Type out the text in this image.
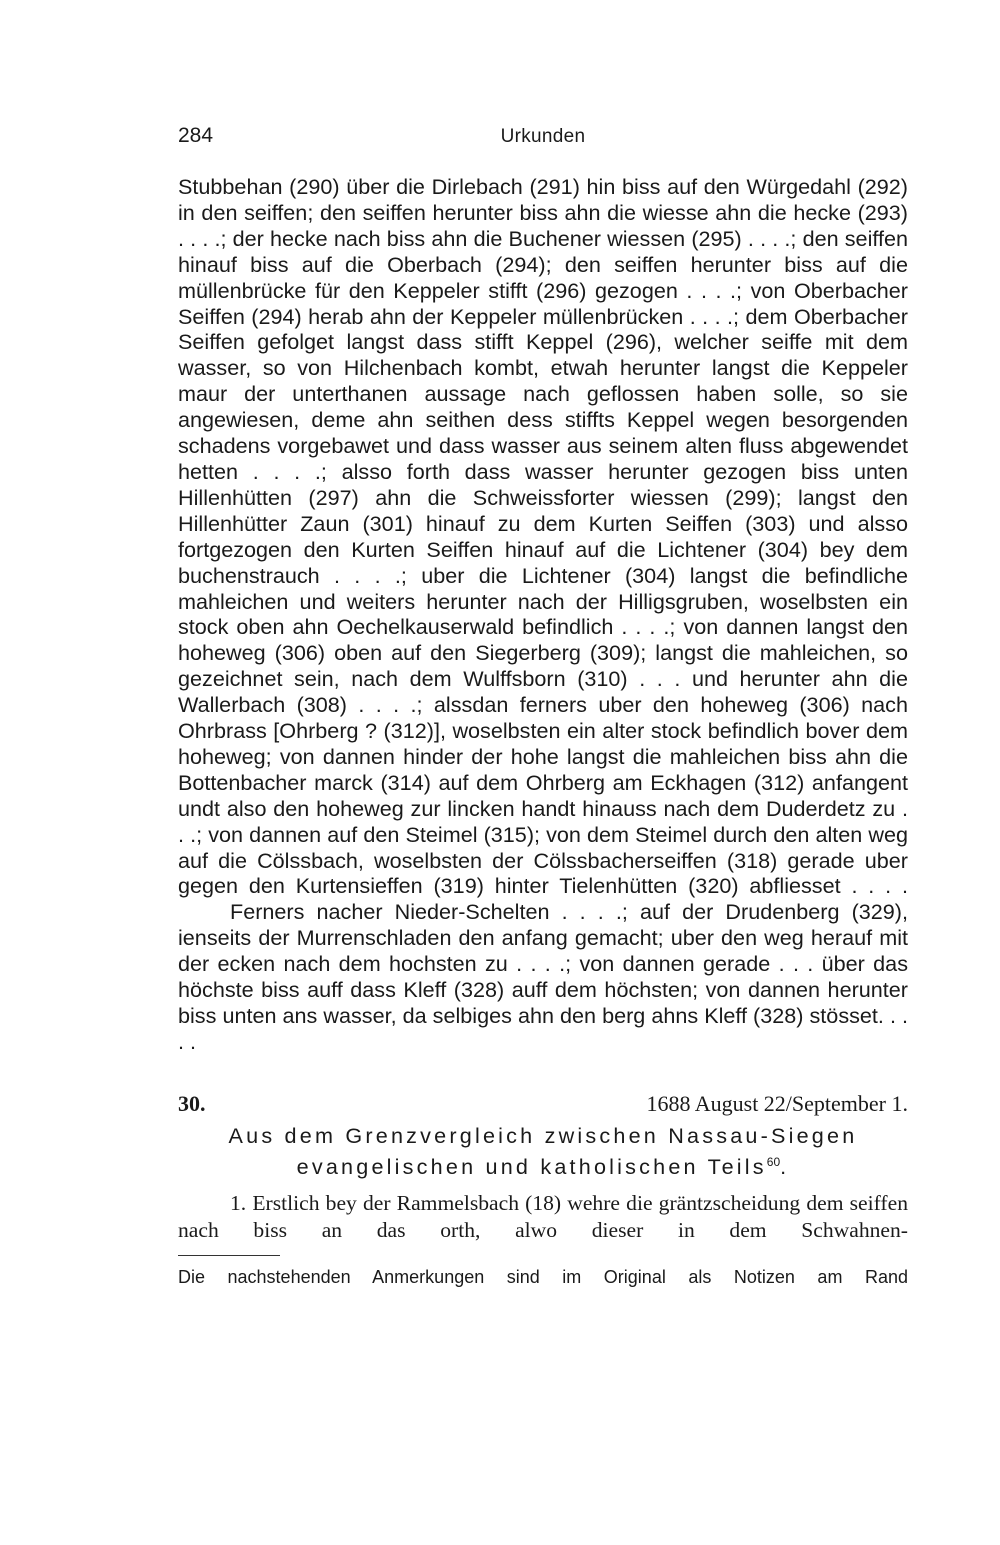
284	Urkunden

Stubbehan (290) über die Dirlebach (291) hin biss auf den Würgedahl (292) in den seiffen; den seiffen herunter biss ahn die wiesse ahn die hecke (293) . . . .; der hecke nach biss ahn die Buchener wiessen (295) . . . .; den seiffen hinauf biss auf die Oberbach (294); den seiffen herunter biss auf die müllenbrücke für den Keppeler stifft (296) gezogen . . . .; von Oberbacher Seiffen (294) herab ahn der Keppeler müllenbrücken . . . .; dem Oberbacher Seiffen gefolget langst dass stifft Keppel (296), welcher seiffe mit dem wasser, so von Hilchenbach kombt, etwah herunter langst die Keppeler maur der unterthanen aussage nach geflossen haben solle, so sie angewiesen, deme ahn seithen dess stiffts Keppel wegen besorgenden schadens vorgebawet und dass wasser aus seinem alten fluss abgewendet hetten . . . .; alsso forth dass wasser herunter gezogen biss unten Hillenhütten (297) ahn die Schweissforter wiessen (299); langst den Hillenhütter Zaun (301) hinauf zu dem Kurten Seiffen (303) und alsso fortgezogen den Kurten Seiffen hinauf auf die Lichtener (304) bey dem buchenstrauch . . . .; uber die Lichtener (304) langst die befindliche mahleichen und weiters herunter nach der Hilligsgruben, woselbsten ein stock oben ahn Oechelkauserwald befindlich . . . .; von dannen langst den hoheweg (306) oben auf den Siegerberg (309); langst die mahleichen, so gezeichnet sein, nach dem Wulffsborn (310) . . . und herunter ahn die Wallerbach (308) . . . .; alssdan ferners uber den hoheweg (306) nach Ohrbrass [Ohrberg ? (312)], woselbsten ein alter stock befindlich bover dem hoheweg; von dannen hinder der hohe langst die mahleichen biss ahn die Bottenbacher marck (314) auf dem Ohrberg am Eckhagen (312) anfangent undt also den hoheweg zur lincken handt hinauss nach dem Duderdetz zu . . .; von dannen auf den Steimel (315); von dem Steimel durch den alten weg auf die Cölssbach, woselbsten der Cölssbacherseiffen (318) gerade uber gegen den Kurtensieffen (319) hinter Tielenhütten (320) abfliesset . . . .

Ferners nacher Nieder-Schelten . . . .; auf der Drudenberg (329), ienseits der Murrenschladen den anfang gemacht; uber den weg herauf mit der ecken nach dem hochsten zu . . . .; von dannen gerade . . . über das höchste biss auff dass Kleff (328) auff dem höchsten; von dannen herunter biss unten ans wasser, da selbiges ahn den berg ahns Kleff (328) stösset. . . . .

30.	1688 August 22/September 1.
Aus dem Grenzvergleich zwischen Nassau-Siegen
evangelischen und katholischen Teils$^{60}$.

1. Erstlich bey der Rammelsbach (18) wehre die gräntzscheidung dem seiffen nach biss an das orth, alwo dieser in dem Schwahnen-

Die nachstehenden Anmerkungen sind im Original als Notizen am Rand
